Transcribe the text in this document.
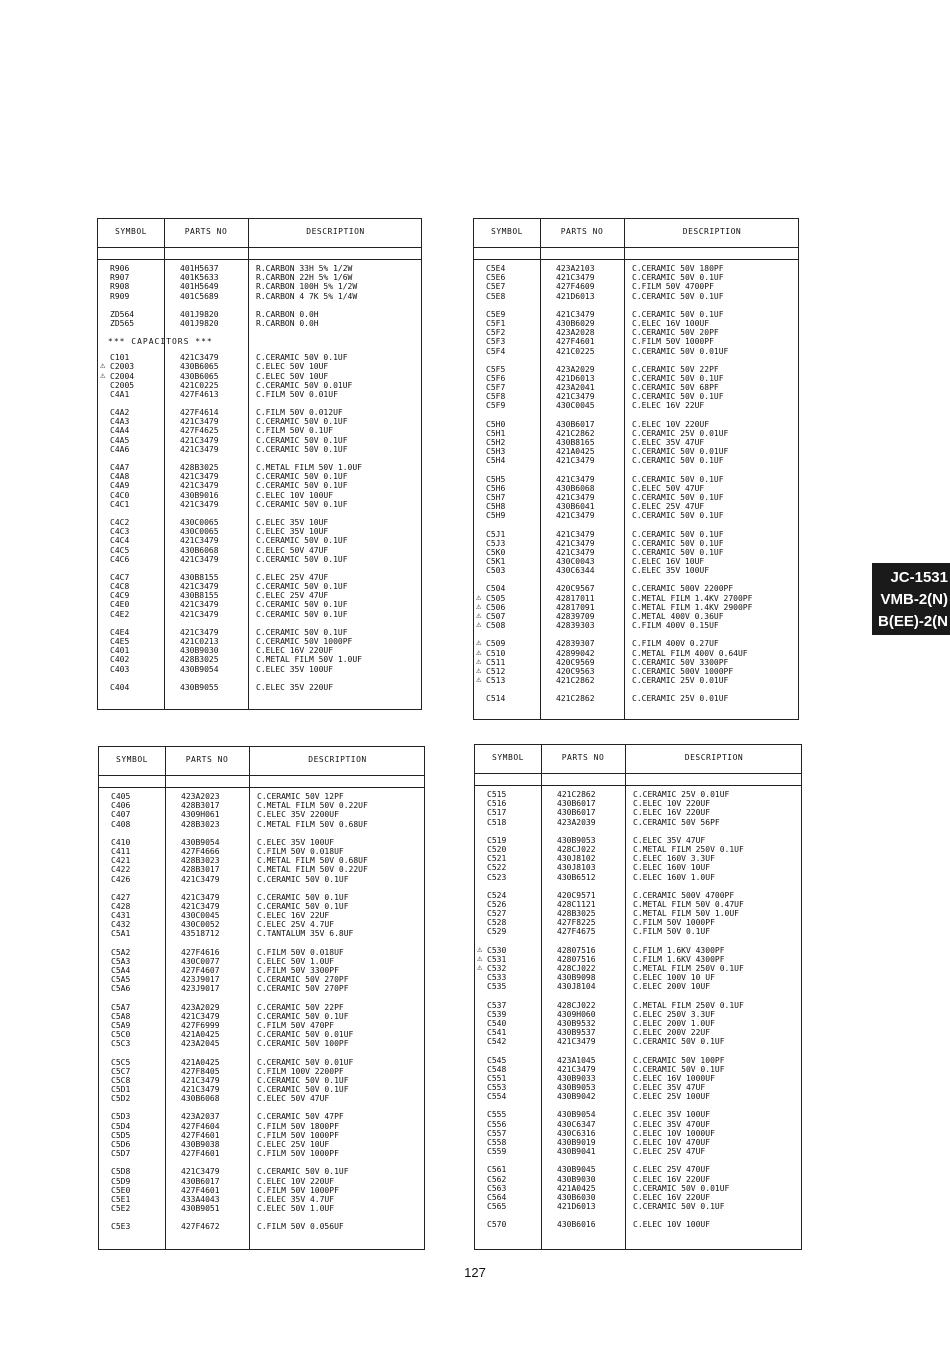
SYMBOL	PARTS NO	DESCRIPTION
R906	401H5637	R.CARBON 33H 5% 1/2W
R907	401K5633	R.CARBON 22H 5% 1/6W
R908	401H5649	R.CARBON 100H 5% 1/2W
R909	401C5689	R.CARBON 4 7K 5% 1/4W
ZD564	401J9820	R.CARBON 0.0H
ZD565	401J9820	R.CARBON 0.0H
*** CAPACITORS ***
C101	421C3479	C.CERAMIC 50V 0.1UF
⚠ C2003	430B6065	C.ELEC 50V 10UF
⚠ C2004	430B6065	C.ELEC 50V 10UF
C2005	421C0225	C.CERAMIC 50V 0.01UF
C4A1	427F4613	C.FILM 50V 0.01UF
C4A2	427F4614	C.FILM 50V 0.012UF
C4A3	421C3479	C.CERAMIC 50V 0.1UF
C4A4	427F4625	C.FILM 50V 0.1UF
C4A5	421C3479	C.CERAMIC 50V 0.1UF
C4A6	421C3479	C.CERAMIC 50V 0.1UF
C4A7	428B3025	C.METAL FILM 50V 1.0UF
C4A8	421C3479	C.CERAMIC 50V 0.1UF
C4A9	421C3479	C.CERAMIC 50V 0.1UF
C4C0	430B9016	C.ELEC 10V 100UF
C4C1	421C3479	C.CERAMIC 50V 0.1UF
C4C2	430C0065	C.ELEC 35V 10UF
C4C3	430C0065	C.ELEC 35V 10UF
C4C4	421C3479	C.CERAMIC 50V 0.1UF
C4C5	430B6068	C.ELEC 50V 47UF
C4C6	421C3479	C.CERAMIC 50V 0.1UF
C4C7	430B8155	C.ELEC 25V 47UF
C4C8	421C3479	C.CERAMIC 50V 0.1UF
C4C9	430B8155	C.ELEC 25V 47UF
C4E0	421C3479	C.CERAMIC 50V 0.1UF
C4E2	421C3479	C.CERAMIC 50V 0.1UF
C4E4	421C3479	C.CERAMIC 50V 0.1UF
C4E5	421C0213	C.CERAMIC 50V 1000PF
C401	430B9030	C.ELEC 16V 220UF
C402	428B3025	C.METAL FILM 50V 1.0UF
C403	430B9054	C.ELEC 35V 100UF
C404	430B9055	C.ELEC 35V 220UF
SYMBOL	PARTS NO	DESCRIPTION
C5E4	423A2103	C.CERAMIC 50V 180PF
C5E6	421C3479	C.CERAMIC 50V 0.1UF
C5E7	427F4609	C.FILM 50V 4700PF
C5E8	421D6013	C.CERAMIC 50V 0.1UF
C5E9	421C3479	C.CERAMIC 50V 0.1UF
C5F1	430B6029	C.ELEC 16V 100UF
C5F2	423A2028	C.CERAMIC 50V 20PF
C5F3	427F4601	C.FILM 50V 1000PF
C5F4	421C0225	C.CERAMIC 50V 0.01UF
C5F5	423A2029	C.CERAMIC 50V 22PF
C5F6	421D6013	C.CERAMIC 50V 0.1UF
C5F7	423A2041	C.CERAMIC 50V 68PF
C5F8	421C3479	C.CERAMIC 50V 0.1UF
C5F9	430C0045	C.ELEC 16V 22UF
C5H0	430B6017	C.ELEC 10V 220UF
C5H1	421C2862	C.CERAMIC 25V 0.01UF
C5H2	430B8165	C.ELEC 35V 47UF
C5H3	421A0425	C.CERAMIC 50V 0.01UF
C5H4	421C3479	C.CERAMIC 50V 0.1UF
C5H5	421C3479	C.CERAMIC 50V 0.1UF
C5H6	430B6068	C.ELEC 50V 47UF
C5H7	421C3479	C.CERAMIC 50V 0.1UF
C5H8	430B6041	C.ELEC 25V 47UF
C5H9	421C3479	C.CERAMIC 50V 0.1UF
C5J1	421C3479	C.CERAMIC 50V 0.1UF
C5J3	421C3479	C.CERAMIC 50V 0.1UF
C5K0	421C3479	C.CERAMIC 50V 0.1UF
C5K1	430C0043	C.ELEC 16V 10UF
C503	430C6344	C.ELEC 35V 100UF
C504	420C9567	C.CERAMIC 500V 2200PF
⚠ C505	42817011	C.METAL FILM 1.4KV 2700PF
⚠ C506	42817091	C.METAL FILM 1.4KV 2900PF
⚠ C507	42839709	C.METAL 400V 0.36UF
⚠ C508	42839303	C.FILM 400V 0.15UF
⚠ C509	42839307	C.FILM 400V 0.27UF
⚠ C510	42899042	C.METAL FILM 400V 0.64UF
⚠ C511	420C9569	C.CERAMIC 50V 3300PF
⚠ C512	420C9563	C.CERAMIC 500V 1000PF
⚠ C513	421C2862	C.CERAMIC 25V 0.01UF
C514	421C2862	C.CERAMIC 25V 0.01UF
SYMBOL	PARTS NO	DESCRIPTION
C405	423A2023	C.CERAMIC 50V 12PF
C406	428B3017	C.METAL FILM 50V 0.22UF
C407	4309H061	C.ELEC 35V 2200UF
C408	428B3023	C.METAL FILM 50V 0.68UF
C410	430B9054	C.ELEC 35V 100UF
C411	427F4666	C.FILM 50V 0.018UF
C421	428B3023	C.METAL FILM 50V 0.68UF
C422	428B3017	C.METAL FILM 50V 0.22UF
C426	421C3479	C.CERAMIC 50V 0.1UF
C427	421C3479	C.CERAMIC 50V 0.1UF
C428	421C3479	C.CERAMIC 50V 0.1UF
C431	430C0045	C.ELEC 16V 22UF
C432	430C0052	C.ELEC 25V 4.7UF
C5A1	43518712	C.TANTALUM 35V 6.8UF
C5A2	427F4616	C.FILM 50V 0.018UF
C5A3	430C0077	C.ELEC 50V 1.0UF
C5A4	427F4607	C.FILM 50V 3300PF
C5A5	423J9017	C.CERAMIC 50V 270PF
C5A6	423J9017	C.CERAMIC 50V 270PF
C5A7	423A2029	C.CERAMIC 50V 22PF
C5A8	421C3479	C.CERAMIC 50V 0.1UF
C5A9	427F6999	C.FILM 50V 470PF
C5C0	421A0425	C.CERAMIC 50V 0.01UF
C5C3	423A2045	C.CERAMIC 50V 100PF
C5C5	421A0425	C.CERAMIC 50V 0.01UF
C5C7	427F8405	C.FILM 100V 2200PF
C5C8	421C3479	C.CERAMIC 50V 0.1UF
C5D1	421C3479	C.CERAMIC 50V 0.1UF
C5D2	430B6068	C.ELEC 50V 47UF
C5D3	423A2037	C.CERAMIC 50V 47PF
C5D4	427F4604	C.FILM 50V 1800PF
C5D5	427F4601	C.FILM 50V 1000PF
C5D6	430B9038	C.ELEC 25V 10UF
C5D7	427F4601	C.FILM 50V 1000PF
C5D8	421C3479	C.CERAMIC 50V 0.1UF
C5D9	430B6017	C.ELEC 10V 220UF
C5E0	427F4601	C.FILM 50V 1000PF
C5E1	433A4043	C.ELEC 35V 4.7UF
C5E2	430B9051	C.ELEC 50V 1.0UF
C5E3	427F4672	C.FILM 50V 0.056UF
SYMBOL	PARTS NO	DESCRIPTION
C515	421C2862	C.CERAMIC 25V 0.01UF
C516	430B6017	C.ELEC 10V 220UF
C517	430B6017	C.ELEC 16V 220UF
C518	423A2039	C.CERAMIC 50V 56PF
C519	430B9053	C.ELEC 35V 47UF
C520	428CJ022	C.METAL FILM 250V 0.1UF
C521	430J8102	C.ELEC 160V 3.3UF
C522	430J8103	C.ELEC 160V 10UF
C523	430B6512	C.ELEC 160V 1.0UF
C524	420C9571	C.CERAMIC 500V 4700PF
C526	428C1121	C.METAL FILM 50V 0.47UF
C527	428B3025	C.METAL FILM 50V 1.0UF
C528	427F8225	C.FILM 50V 1000PF
C529	427F4675	C.FILM 50V 0.1UF
⚠ C530	42807516	C.FILM 1.6KV 4300PF
⚠ C531	42807516	C.FILM 1.6KV 4300PF
⚠ C532	428CJ022	C.METAL FILM 250V 0.1UF
C533	430B9098	C.ELEC 100V 10 UF
C535	430J8104	C.ELEC 200V 10UF
C537	428CJ022	C.METAL FILM 250V 0.1UF
C539	4309H060	C.ELEC 250V 3.3UF
C540	430B9532	C.ELEC 200V 1.0UF
C541	430B9537	C.ELEC 200V 22UF
C542	421C3479	C.CERAMIC 50V 0.1UF
C545	423A1045	C.CERAMIC 50V 100PF
C548	421C3479	C.CERAMIC 50V 0.1UF
C551	430B9033	C.ELEC 16V 1000UF
C553	430B9053	C.ELEC 35V 47UF
C554	430B9042	C.ELEC 25V 100UF
C555	430B9054	C.ELEC 35V 100UF
C556	430C6347	C.ELEC 35V 470UF
C557	430C6316	C.ELEC 10V 1000UF
C558	430B9019	C.ELEC 10V 470UF
C559	430B9041	C.ELEC 25V 47UF
C561	430B9045	C.ELEC 25V 470UF
C562	430B9030	C.ELEC 16V 220UF
C563	421A0425	C.CERAMIC 50V 0.01UF
C564	430B6030	C.ELEC 16V 220UF
C565	421D6013	C.CERAMIC 50V 0.1UF
C570	430B6016	C.ELEC 10V 100UF
JC-1531
VMB-2(N)
B(EE)-2(N
127
